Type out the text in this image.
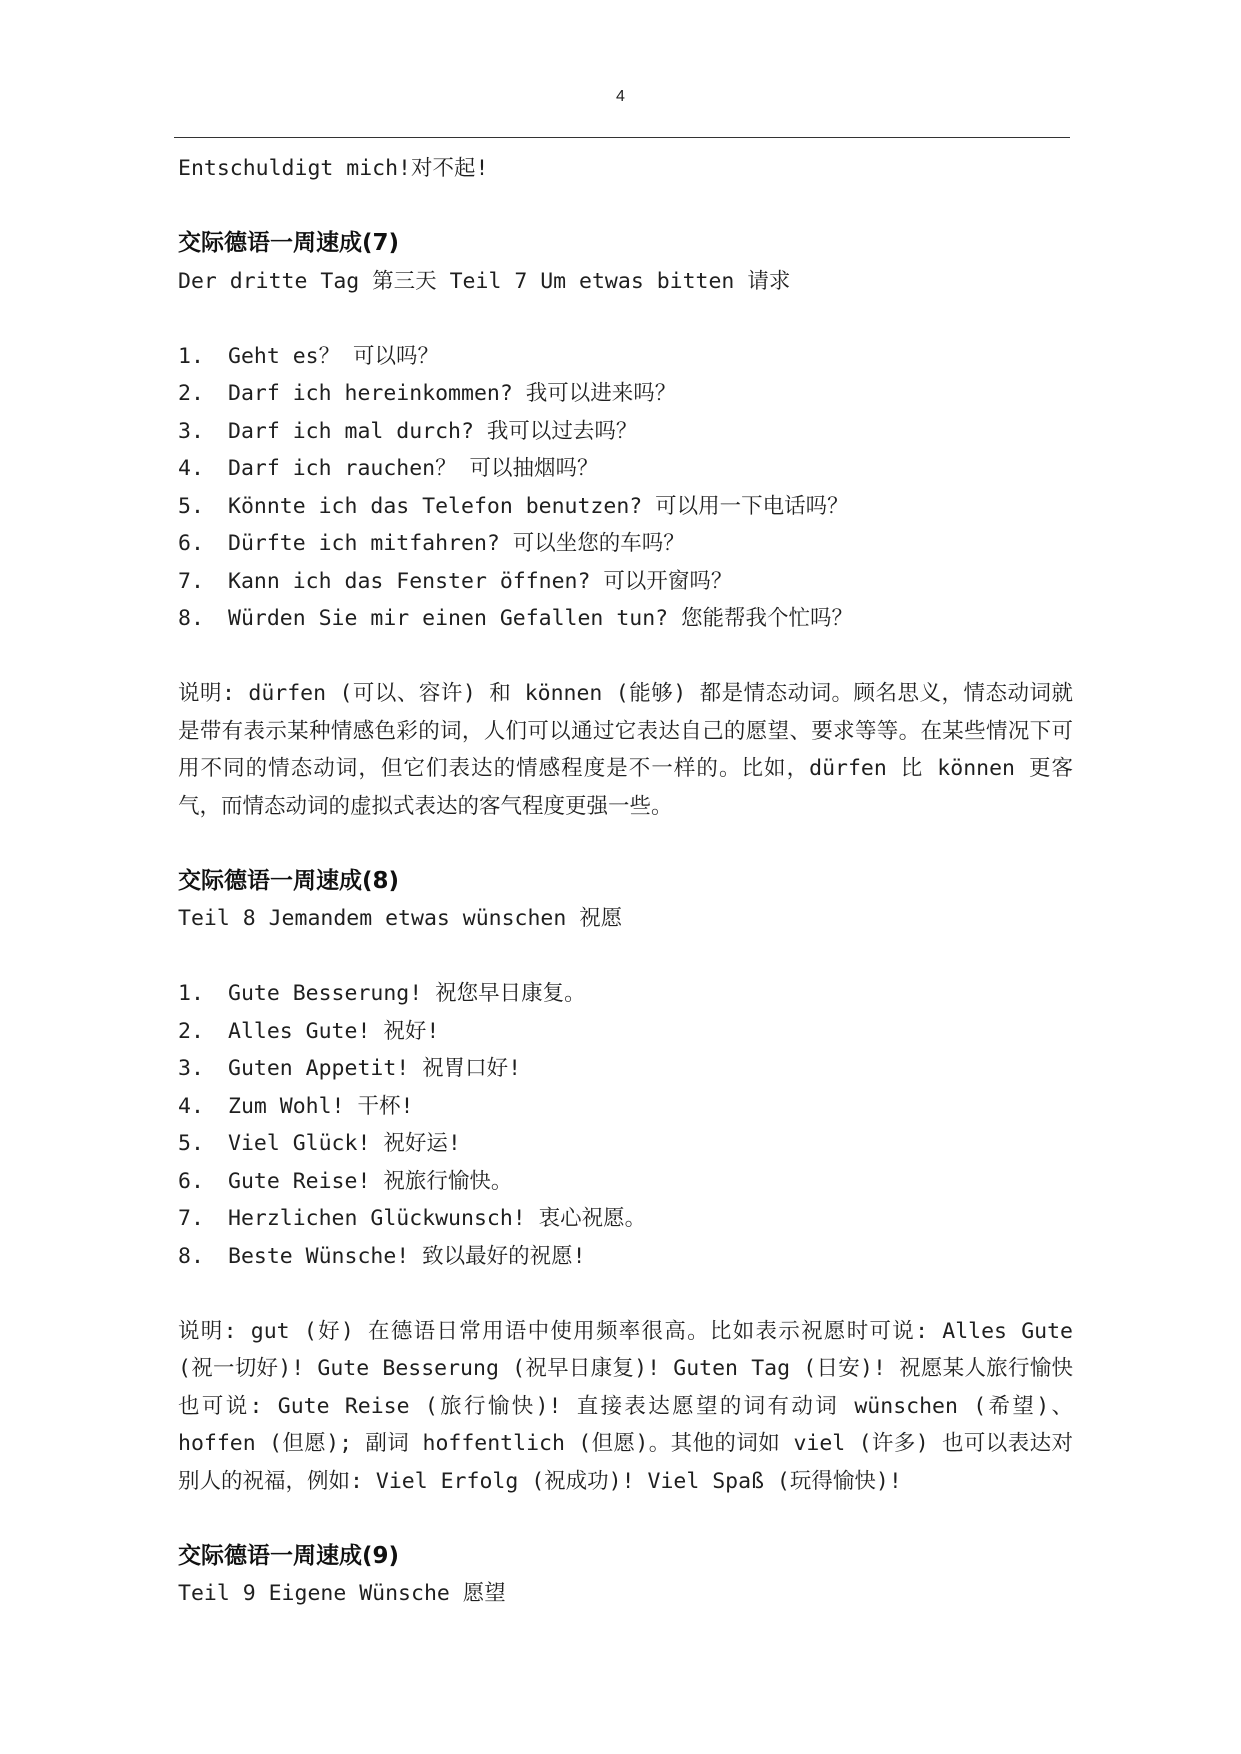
4
Entschuldigt mich!对不起!
交际德语一周速成(7)
Der dritte Tag 第三天 Teil 7 Um etwas bitten 请求
1.	Geht es？ 可以吗？
2.	Darf ich hereinkommen? 我可以进来吗？
3.	Darf ich mal durch? 我可以过去吗？
4.	Darf ich rauchen？ 可以抽烟吗？
5.	Könnte ich das Telefon benutzen? 可以用一下电话吗？
6.	Dürfte ich mitfahren? 可以坐您的车吗？
7.	Kann ich das Fenster öffnen? 可以开窗吗？
8.	Würden Sie mir einen Gefallen tun? 您能帮我个忙吗？
说明: dürfen (可以、容许) 和 können (能够) 都是情态动词。顾名思义，情态动词就是带有表示某种情感色彩的词，人们可以通过它表达自己的愿望、要求等等。在某些情况下可用不同的情态动词，但它们表达的情感程度是不一样的。比如，dürfen 比 können 更客气，而情态动词的虚拟式表达的客气程度更强一些。
交际德语一周速成(8)
Teil 8 Jemandem etwas wünschen 祝愿
1.	Gute Besserung! 祝您早日康复。
2.	Alles Gute! 祝好!
3.	Guten Appetit! 祝胃口好!
4.	Zum Wohl! 干杯!
5.	Viel Glück! 祝好运!
6.	Gute Reise! 祝旅行愉快。
7.	Herzlichen Glückwunsch! 衷心祝愿。
8.	Beste Wünsche! 致以最好的祝愿!
说明: gut (好) 在德语日常用语中使用频率很高。比如表示祝愿时可说: Alles Gute (祝一切好)! Gute Besserung (祝早日康复)! Guten Tag (日安)! 祝愿某人旅行愉快也可说: Gute Reise (旅行愉快)! 直接表达愿望的词有动词 wünschen (希望)、hoffen (但愿); 副词 hoffentlich (但愿)。其他的词如 viel (许多) 也可以表达对别人的祝福，例如: Viel Erfolg (祝成功)! Viel Spaß (玩得愉快)!
交际德语一周速成(9)
Teil 9 Eigene Wünsche 愿望
